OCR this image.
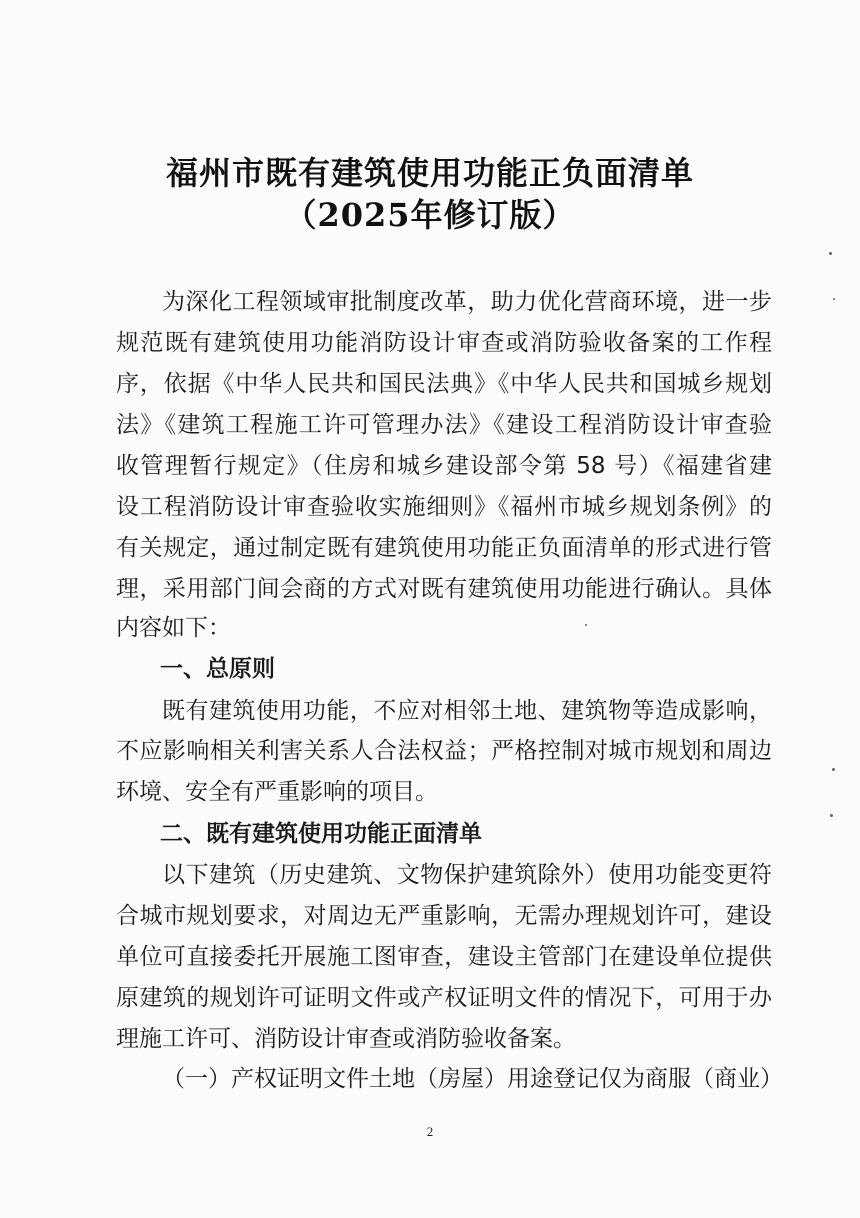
福州市既有建筑使用功能正负面清单
（2025年修订版）
为深化工程领域审批制度改革，助力优化营商环境，进一步
规范既有建筑使用功能消防设计审查或消防验收备案的工作程
序，依据《中华人民共和国民法典》《中华人民共和国城乡规划
法》《建筑工程施工许可管理办法》《建设工程消防设计审查验
收管理暂行规定》（住房和城乡建设部令第 58 号）《福建省建
设工程消防设计审查验收实施细则》《福州市城乡规划条例》的
有关规定，通过制定既有建筑使用功能正负面清单的形式进行管
理，采用部门间会商的方式对既有建筑使用功能进行确认。具体
内容如下：
一、总原则
既有建筑使用功能，不应对相邻土地、建筑物等造成影响，
不应影响相关利害关系人合法权益；严格控制对城市规划和周边
环境、安全有严重影响的项目。
二、既有建筑使用功能正面清单
以下建筑（历史建筑、文物保护建筑除外）使用功能变更符
合城市规划要求，对周边无严重影响，无需办理规划许可，建设
单位可直接委托开展施工图审查，建设主管部门在建设单位提供
原建筑的规划许可证明文件或产权证明文件的情况下，可用于办
理施工许可、消防设计审查或消防验收备案。
（一）产权证明文件土地（房屋）用途登记仅为商服（商业）
2
